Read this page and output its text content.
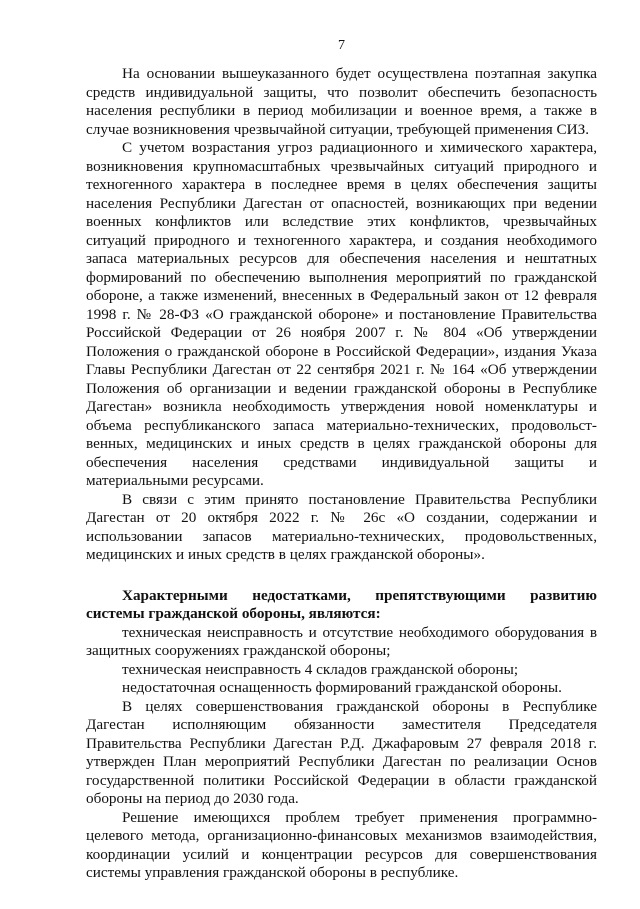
7

На основании вышеуказанного будет осуществлена поэтапная закупка средств индивидуальной защиты, что позволит обеспечить безопасность населения республики в период мобилизации и военное время, а также в случае возникновения чрезвычайной ситуации, требующей применения СИЗ.

С учетом возрастания угроз радиационного и химического характера, возникновения крупномасштабных чрезвычайных ситуаций природного и техногенного характера в последнее время в целях обеспечения защиты населения Республики Дагестан от опасностей, возникающих при ведении военных конфликтов или вследствие этих конфликтов, чрезвычайных ситуаций природного и техногенного характера, и создания необходимого запаса материальных ресурсов для обеспечения населения и нештатных формирований по обеспечению выполнения мероприятий по гражданской обороне, а также изменений, внесенных в Федеральный закон от 12 февраля 1998 г. № 28-ФЗ «О гражданской обороне» и постановление Правительства Российской Федерации от 26 ноября 2007 г. № 804 «Об утверждении Положения о гражданской обороне в Российской Федерации», издания Указа Главы Республики Дагестан от 22 сентября 2021 г. № 164 «Об утверждении Положения об организации и ведении гражданской обороны в Республике Дагестан» возникла необходимость утверждения новой номенклатуры и объема республиканского запаса материально-технических, продовольст-венных, медицинских и иных средств в целях гражданской обороны для обеспечения населения средствами индивидуальной защиты и материальными ресурсами.

В связи с этим принято постановление Правительства Республики Дагестан от 20 октября 2022 г. № 26с «О создании, содержании и использовании запасов материально-технических, продовольственных, медицинских и иных средств в целях гражданской обороны».

Характерными недостатками, препятствующими развитию системы гражданской обороны, являются:

техническая неисправность и отсутствие необходимого оборудования в защитных сооружениях гражданской обороны;

техническая неисправность 4 складов гражданской обороны;

недостаточная оснащенность формирований гражданской обороны.

В целях совершенствования гражданской обороны в Республике Дагестан исполняющим обязанности заместителя Председателя Правительства Республики Дагестан Р.Д. Джафаровым 27 февраля 2018 г. утвержден План мероприятий Республики Дагестан по реализации Основ государственной политики Российской Федерации в области гражданской обороны на период до 2030 года.

Решение имеющихся проблем требует применения программно-целевого метода, организационно-финансовых механизмов взаимодействия, координации усилий и концентрации ресурсов для совершенствования системы управления гражданской обороны в республике.
